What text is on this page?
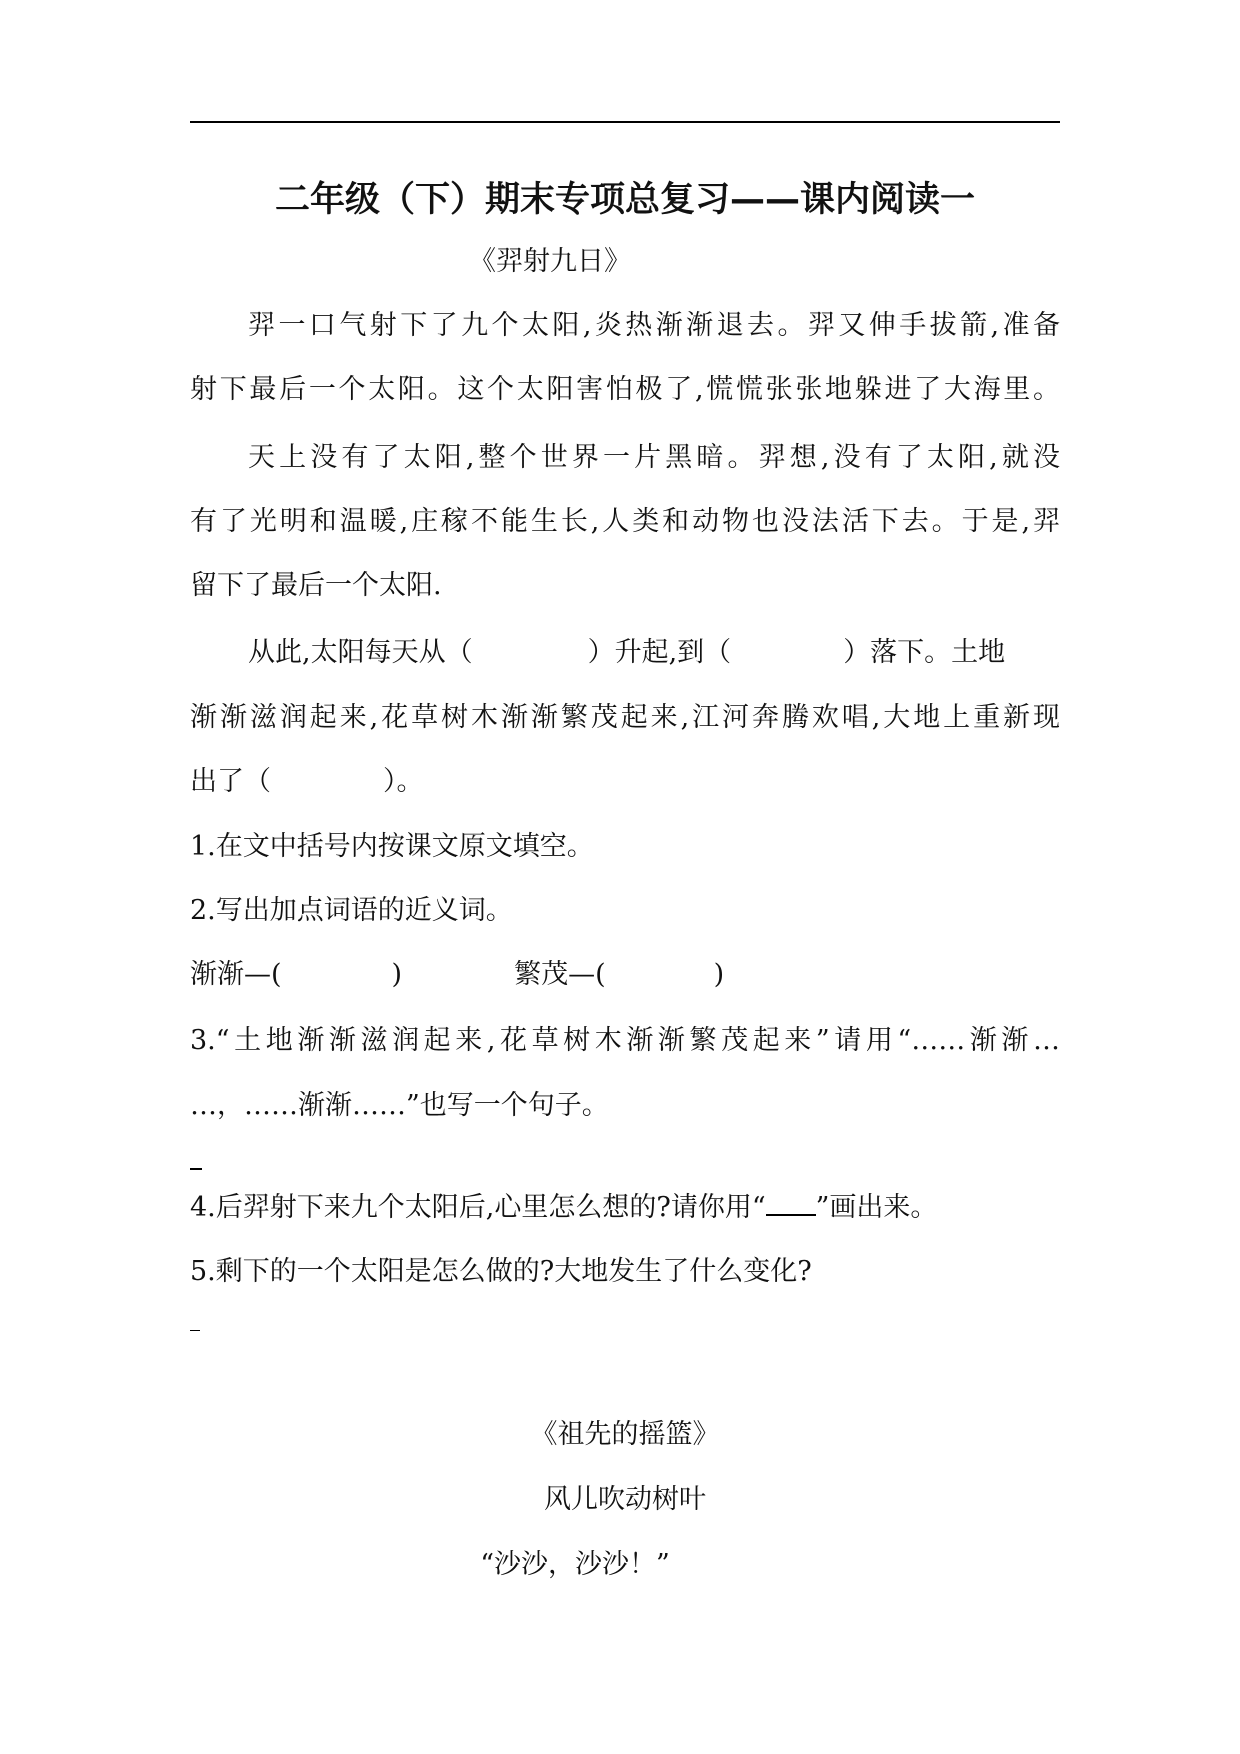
二年级（下）期末专项总复习——课内阅读一
《羿射九日》
羿一口气射下了九个太阳,炎热渐渐退去。羿又伸手拔箭,准备
射下最后一个太阳。这个太阳害怕极了,慌慌张张地躲进了大海里。
天上没有了太阳,整个世界一片黑暗。羿想,没有了太阳,就没
有了光明和温暖,庄稼不能生长,人类和动物也没法活下去。于是,羿
留下了最后一个太阳.
从此,太阳每天从（	）升起,到（	）落下。土地
渐渐滋润起来,花草树木渐渐繁茂起来,江河奔腾欢唱,大地上重新现
出了（	）。
1.在文中括号内按课文原文填空。
2.写出加点词语的近义词。
渐渐—(	)	繁茂—(	)
3.“土地渐渐滋润起来,花草树木渐渐繁茂起来”请用“……渐渐…
…，……渐渐……”也写一个句子。
4.后羿射下来九个太阳后,心里怎么想的?请你用“ ”画出来。
5.剩下的一个太阳是怎么做的?大地发生了什么变化?
《祖先的摇篮》
风儿吹动树叶
“沙沙，沙沙！”
